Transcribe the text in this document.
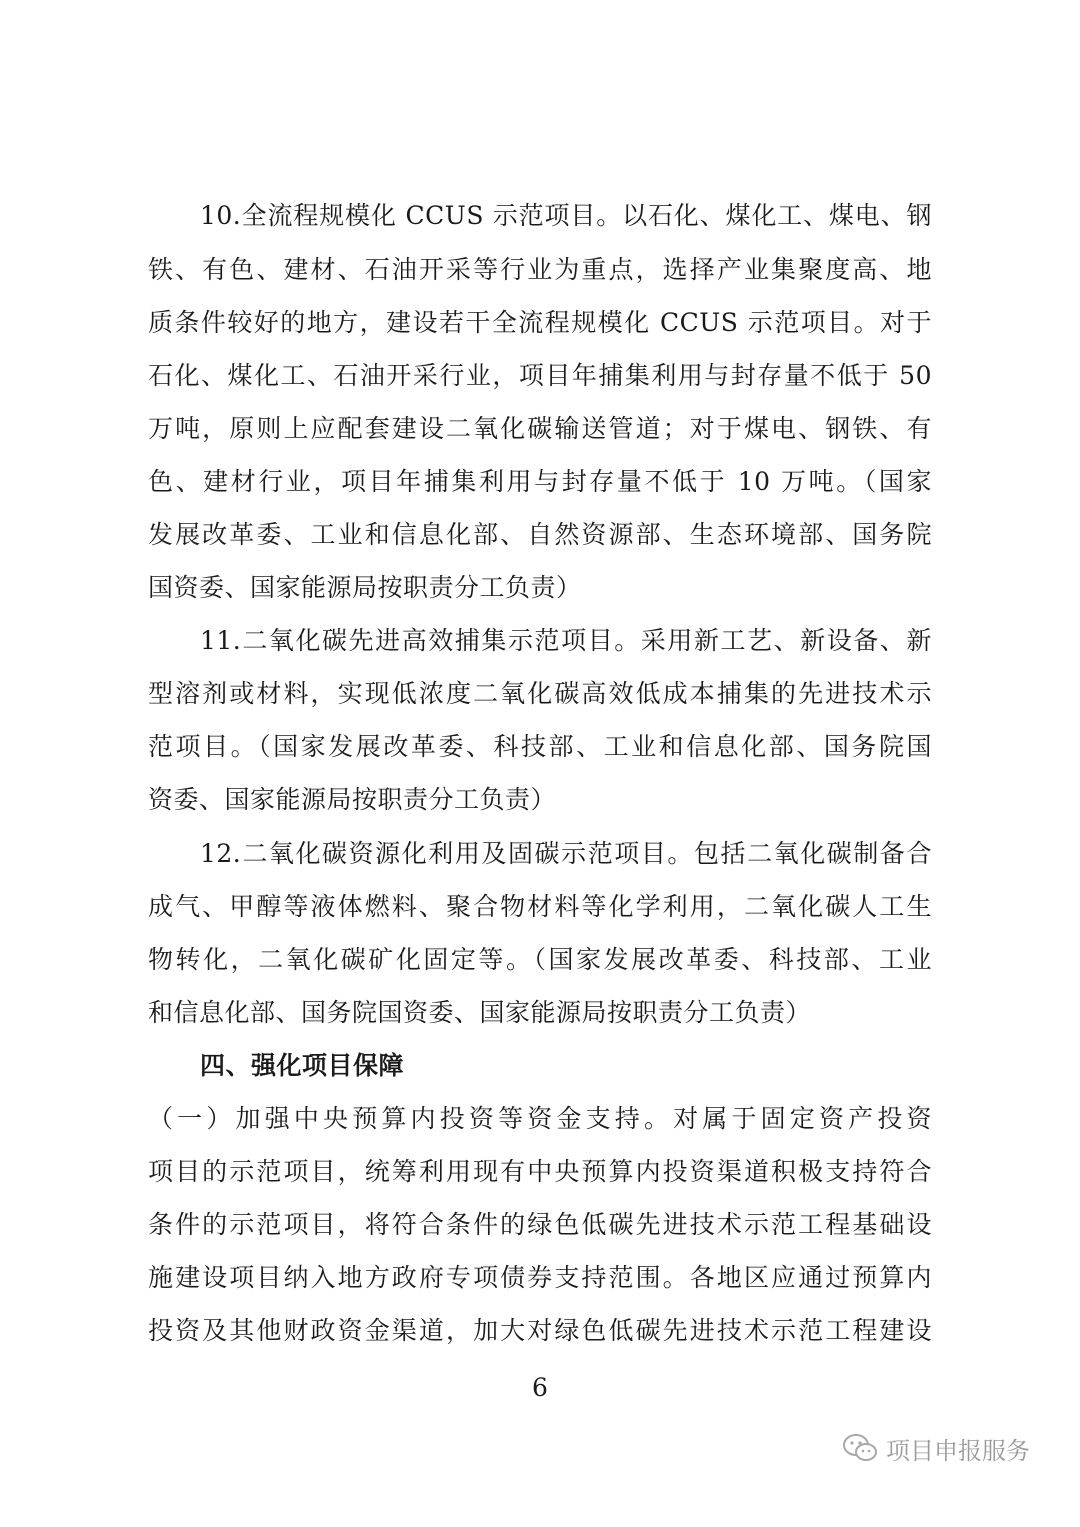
10.全流程规模化 CCUS 示范项目。以石化、煤化工、煤电、钢
铁、有色、建材、石油开采等行业为重点，选择产业集聚度高、地
质条件较好的地方，建设若干全流程规模化 CCUS 示范项目。对于
石化、煤化工、石油开采行业，项目年捕集利用与封存量不低于 50
万吨，原则上应配套建设二氧化碳输送管道；对于煤电、钢铁、有
色、建材行业，项目年捕集利用与封存量不低于 10 万吨。（国家
发展改革委、工业和信息化部、自然资源部、生态环境部、国务院
国资委、国家能源局按职责分工负责）
11.二氧化碳先进高效捕集示范项目。采用新工艺、新设备、新
型溶剂或材料，实现低浓度二氧化碳高效低成本捕集的先进技术示
范项目。（国家发展改革委、科技部、工业和信息化部、国务院国
资委、国家能源局按职责分工负责）
12.二氧化碳资源化利用及固碳示范项目。包括二氧化碳制备合
成气、甲醇等液体燃料、聚合物材料等化学利用，二氧化碳人工生
物转化，二氧化碳矿化固定等。（国家发展改革委、科技部、工业
和信息化部、国务院国资委、国家能源局按职责分工负责）
四、强化项目保障
（一）加强中央预算内投资等资金支持。对属于固定资产投资
项目的示范项目，统筹利用现有中央预算内投资渠道积极支持符合
条件的示范项目，将符合条件的绿色低碳先进技术示范工程基础设
施建设项目纳入地方政府专项债券支持范围。各地区应通过预算内
投资及其他财政资金渠道，加大对绿色低碳先进技术示范工程建设
6
项目申报服务
